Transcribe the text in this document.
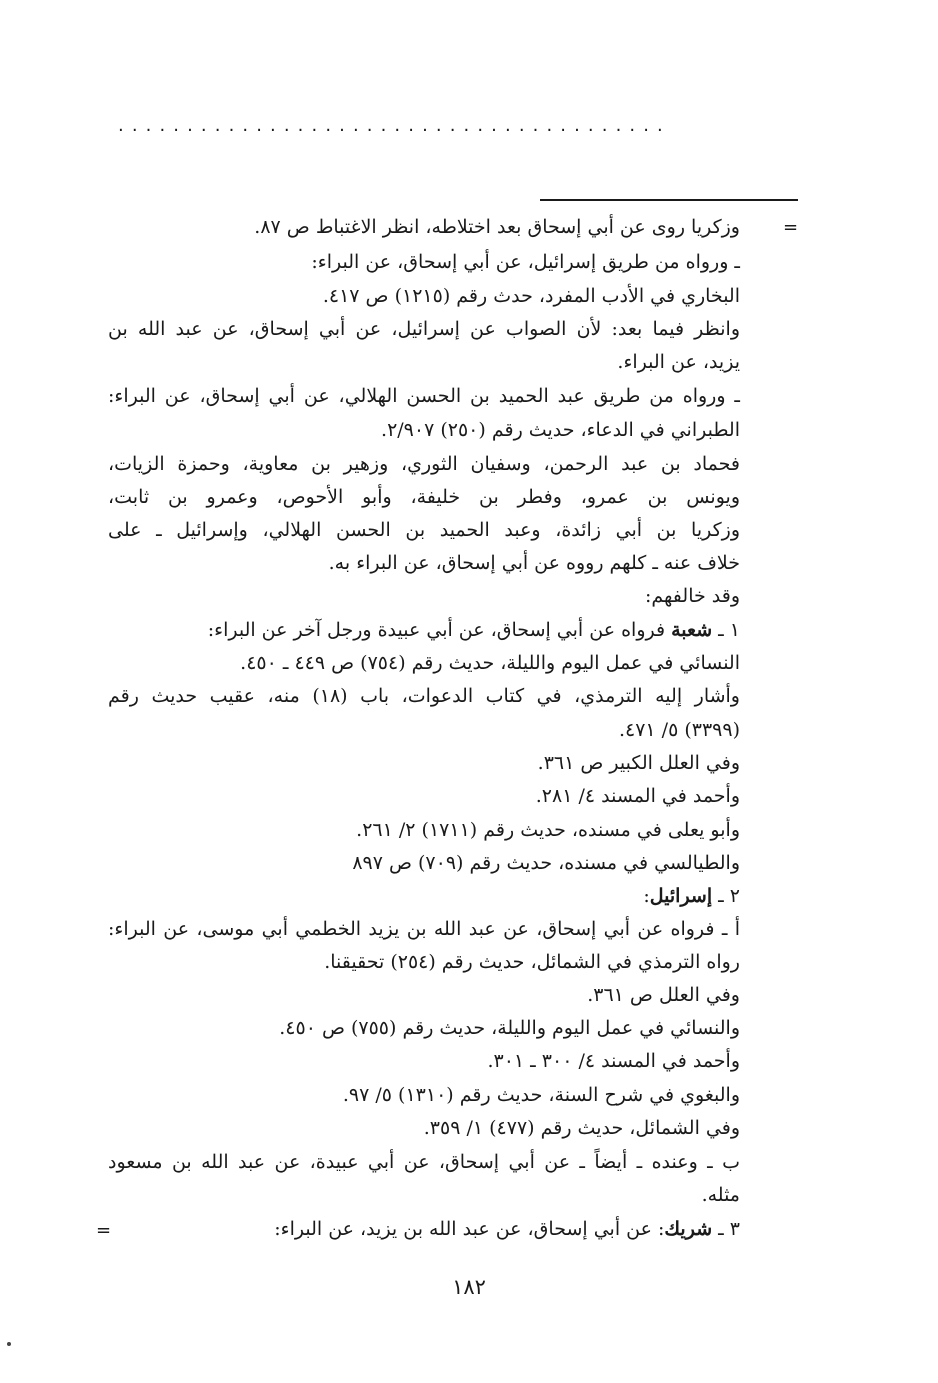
........................................
=
وزكريا روى عن أبي إسحاق بعد اختلاطه، انظر الاغتباط ص ٨٧.
ـ ورواه من طريق إسرائيل، عن أبي إسحاق، عن البراء:
البخاري في الأدب المفرد، حدث رقم (١٢١٥) ص ٤١٧.
وانظر فيما بعد: لأن الصواب عن إسرائيل، عن أبي إسحاق، عن عبد الله بن
يزيد، عن البراء.
ـ ورواه من طريق عبد الحميد بن الحسن الهلالي، عن أبي إسحاق، عن البراء:
الطبراني في الدعاء، حديث رقم (٢٥٠) ٢/٩٠٧.
فحماد بن عبد الرحمن، وسفيان الثوري، وزهير بن معاوية، وحمزة الزيات،
ويونس بن عمرو، وفطر بن خليفة، وأبو الأحوص، وعمرو بن ثابت،
وزكريا بن أبي زائدة، وعبد الحميد بن الحسن الهلالي، وإسرائيل ـ على
خلاف عنه ـ كلهم رووه عن أبي إسحاق، عن البراء به.
وقد خالفهم:
١ ـ شعبة فرواه عن أبي إسحاق، عن أبي عبيدة ورجل آخر عن البراء:
النسائي في عمل اليوم والليلة، حديث رقم (٧٥٤) ص ٤٤٩ ـ ٤٥٠.
وأشار إليه الترمذي، في كتاب الدعوات، باب (١٨) منه، عقيب حديث رقم
(٣٣٩٩) ٥/ ٤٧١.
وفي العلل الكبير ص ٣٦١.
وأحمد في المسند ٤/ ٢٨١.
وأبو يعلى في مسنده، حديث رقم (١٧١١) ٢/ ٢٦١.
والطيالسي في مسنده، حديث رقم (٧٠٩) ص ٨٩٧
٢ ـ إسرائيل:
أ ـ فرواه عن أبي إسحاق، عن عبد الله بن يزيد الخطمي أبي موسى، عن البراء:
رواه الترمذي في الشمائل، حديث رقم (٢٥٤) تحقيقنا.
وفي العلل ص ٣٦١.
والنسائي في عمل اليوم والليلة، حديث رقم (٧٥٥) ص ٤٥٠.
وأحمد في المسند ٤/ ٣٠٠ ـ ٣٠١.
والبغوي في شرح السنة، حديث رقم (١٣١٠) ٥/ ٩٧.
وفي الشمائل، حديث رقم (٤٧٧) ١/ ٣٥٩.
ب ـ وعنده ـ أيضاً ـ عن أبي إسحاق، عن أبي عبيدة، عن عبد الله بن مسعود
مثله.
٣ ـ شريك: عن أبي إسحاق، عن عبد الله بن يزيد، عن البراء:
=
١٨٢
